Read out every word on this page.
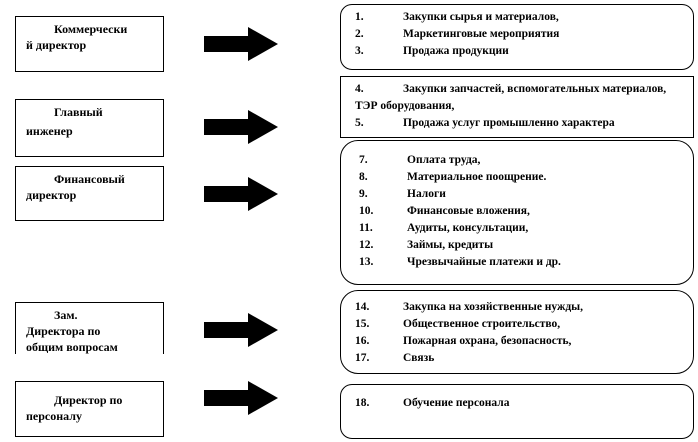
Коммерчески
й директор
Главный
инженер
Финансовый
директор
Зам.
Директора по
общим вопросам
Директор по
персоналу
1.	Закупки сырья и материалов,
2.	Маркетинговые мероприятия
3.	Продажа продукции
4.	Закупки запчастей, вспомогательных материалов, ТЭР оборудования,
5.	Продажа услуг промышленно характера
7.	Оплата труда,
8.	Материальное поощрение.
9.	Налоги
10.	Финансовые вложения,
11.	Аудиты, консультации,
12.	Займы, кредиты
13.	Чрезвычайные платежи и др.
14.	Закупка на хозяйственные нужды,
15.	Общественное строительство,
16.	Пожарная охрана, безопасность,
17.	Связь
18.	Обучение персонала
